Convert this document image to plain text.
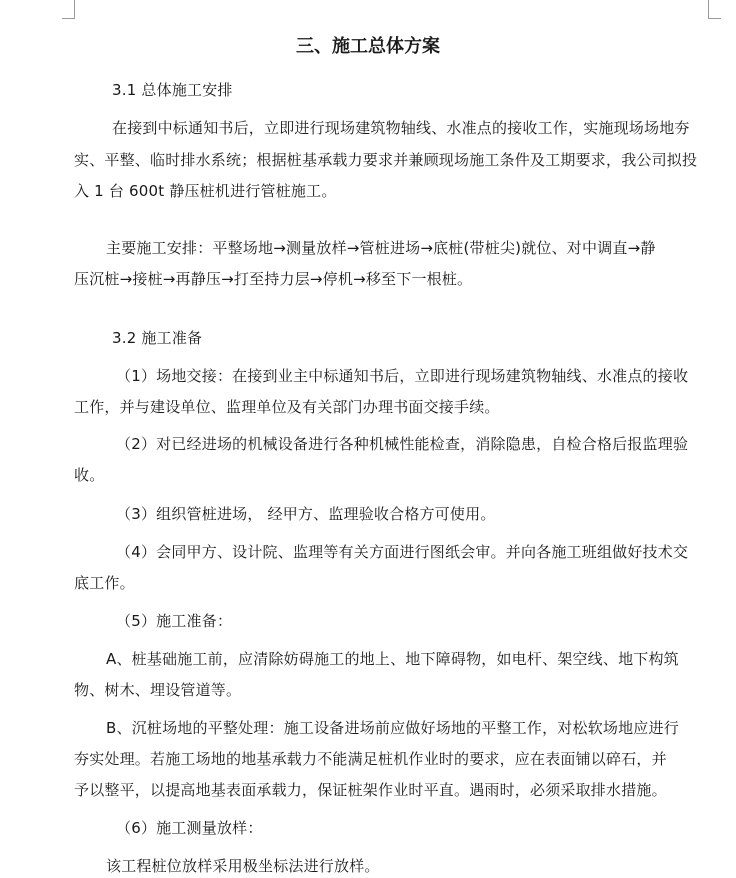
三、施工总体方案
3.1 总体施工安排
在接到中标通知书后，立即进行现场建筑物轴线、水准点的接收工作，实施现场场地夯
实、平整、临时排水系统；根据桩基承载力要求并兼顾现场施工条件及工期要求，我公司拟投
入 1 台 600t 静压桩机进行管桩施工。
主要施工安排：平整场地→测量放样→管桩进场→底桩(带桩尖)就位、对中调直→静
压沉桩→接桩→再静压→打至持力层→停机→移至下一根桩。
3.2 施工准备
（1）场地交接：在接到业主中标通知书后，立即进行现场建筑物轴线、水准点的接收
工作，并与建设单位、监理单位及有关部门办理书面交接手续。
（2）对已经进场的机械设备进行各种机械性能检查，消除隐患，自检合格后报监理验
收。
（3）组织管桩进场， 经甲方、监理验收合格方可使用。
（4）会同甲方、设计院、监理等有关方面进行图纸会审。并向各施工班组做好技术交
底工作。
（5）施工准备：
A、桩基础施工前，应清除妨碍施工的地上、地下障碍物，如电杆、架空线、地下构筑
物、树木、埋设管道等。
B、沉桩场地的平整处理：施工设备进场前应做好场地的平整工作，对松软场地应进行
夯实处理。若施工场地的地基承载力不能满足桩机作业时的要求，应在表面铺以碎石，并
予以整平，以提高地基表面承载力，保证桩架作业时平直。遇雨时，必须采取排水措施。
（6）施工测量放样：
该工程桩位放样采用极坐标法进行放样。
